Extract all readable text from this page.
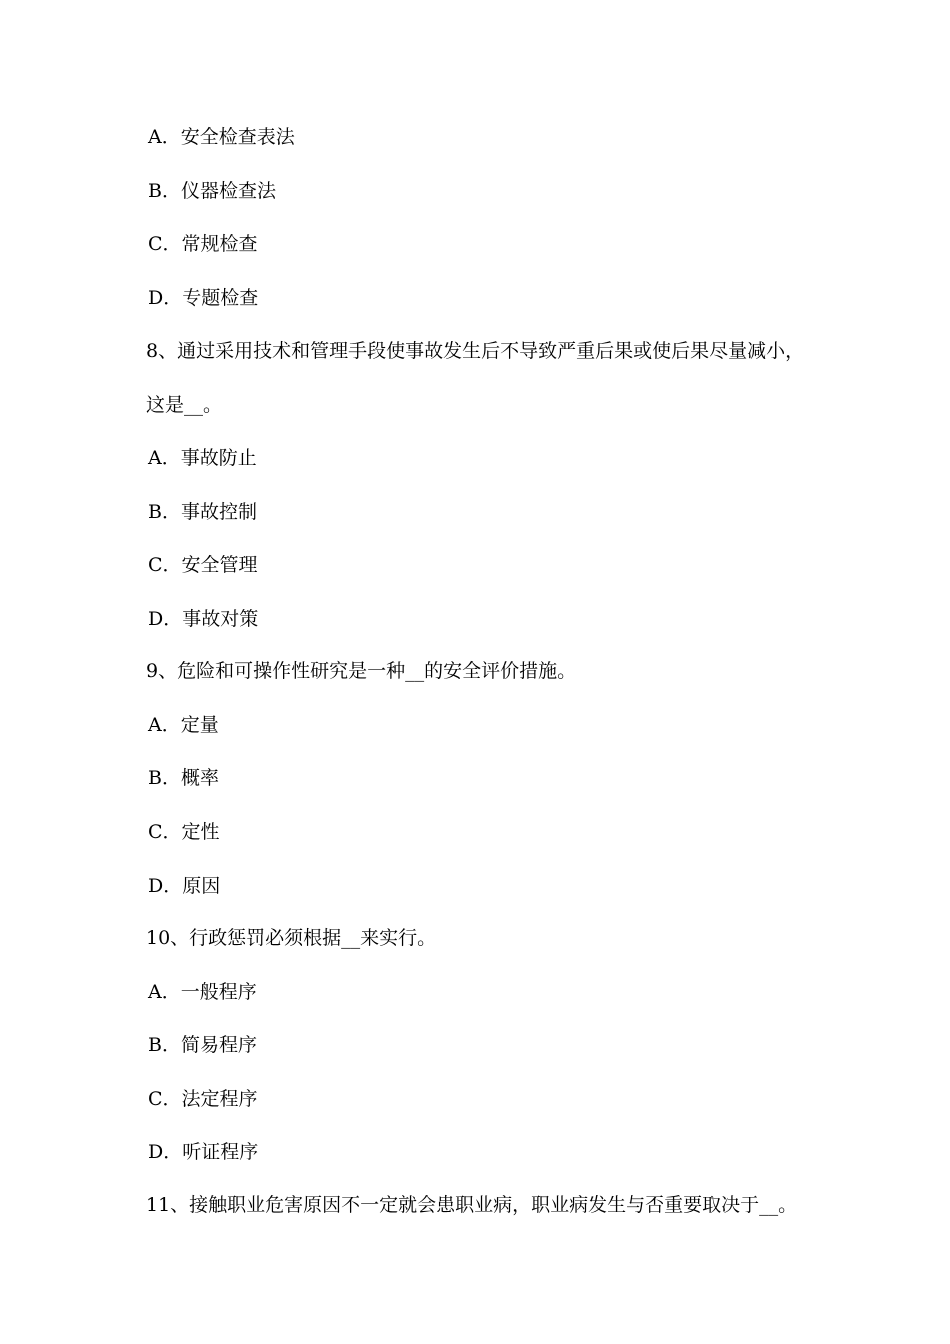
A．安全检查表法
B．仪器检查法
C．常规检查
D．专题检查
8、通过采用技术和管理手段使事故发生后不导致严重后果或使后果尽量减小，
这是__。
A．事故防止
B．事故控制
C．安全管理
D．事故对策
9、危险和可操作性研究是一种__的安全评价措施。
A．定量
B．概率
C．定性
D．原因
10、行政惩罚必须根据__来实行。
A．一般程序
B．简易程序
C．法定程序
D．听证程序
11、接触职业危害原因不一定就会患职业病，职业病发生与否重要取决于__。
